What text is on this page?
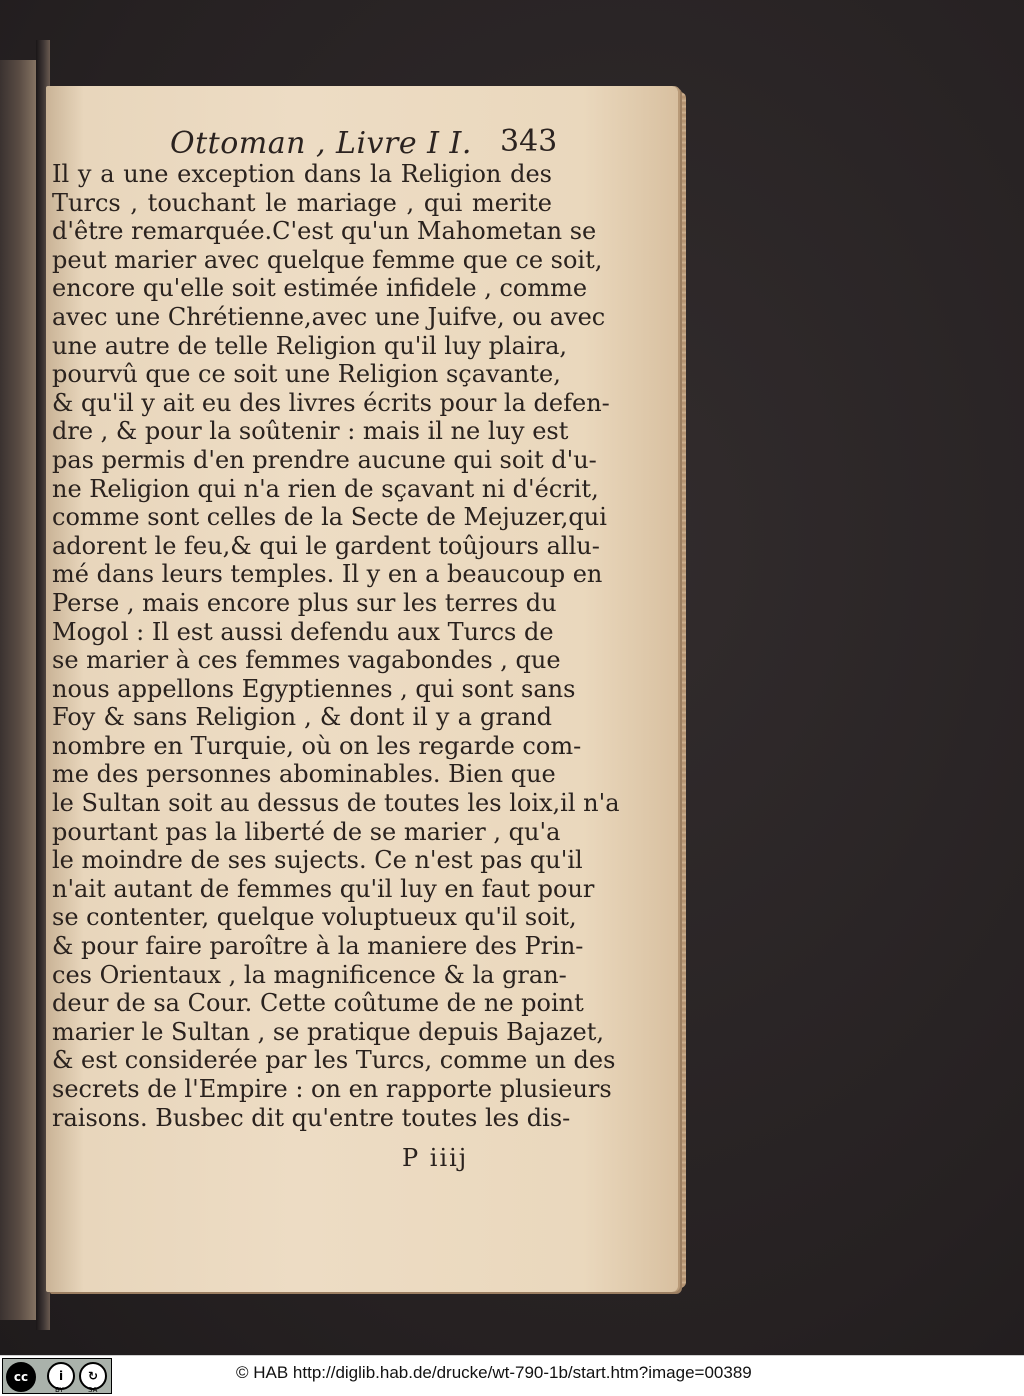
Ottoman , Livre I I. 343
Il y a une exception dans la Religion des
Turcs , touchant le mariage , qui merite
d'être remarquée.C'est qu'un Mahometan se
peut marier avec quelque femme que ce soit,
encore qu'elle soit estimée infidele , comme
avec une Chrétienne,avec une Juifve, ou avec
une autre de telle Religion qu'il luy plaira,
pourvû que ce soit une Religion sçavante,
& qu'il y ait eu des livres écrits pour la defen-
dre , & pour la soûtenir : mais il ne luy est
pas permis d'en prendre aucune qui soit d'u-
ne Religion qui n'a rien de sçavant ni d'écrit,
comme sont celles de la Secte de Mejuzer,qui
adorent le feu,& qui le gardent toûjours allu-
mé dans leurs temples. Il y en a beaucoup en
Perse , mais encore plus sur les terres du
Mogol : Il est aussi defendu aux Turcs de
se marier à ces femmes vagabondes , que
nous appellons Egyptiennes , qui sont sans
Foy & sans Religion , & dont il y a grand
nombre en Turquie, où on les regarde com-
me des personnes abominables. Bien que
le Sultan soit au dessus de toutes les loix,il n'a
pourtant pas la liberté de se marier , qu'a
le moindre de ses sujects. Ce n'est pas qu'il
n'ait autant de femmes qu'il luy en faut pour
se contenter, quelque voluptueux qu'il soit,
& pour faire paroître à la maniere des Prin-
ces Orientaux , la magnificence & la gran-
deur de sa Cour. Cette coûtume de ne point
marier le Sultan , se pratique depuis Bajazet,
& est considerée par les Turcs, comme un des
secrets de l'Empire : on en rapporte plusieurs
raisons. Busbec dit qu'entre toutes les dis-
P iiij
cc	i	↻
BY	SA
© HAB http://diglib.hab.de/drucke/wt-790-1b/start.htm?image=00389
